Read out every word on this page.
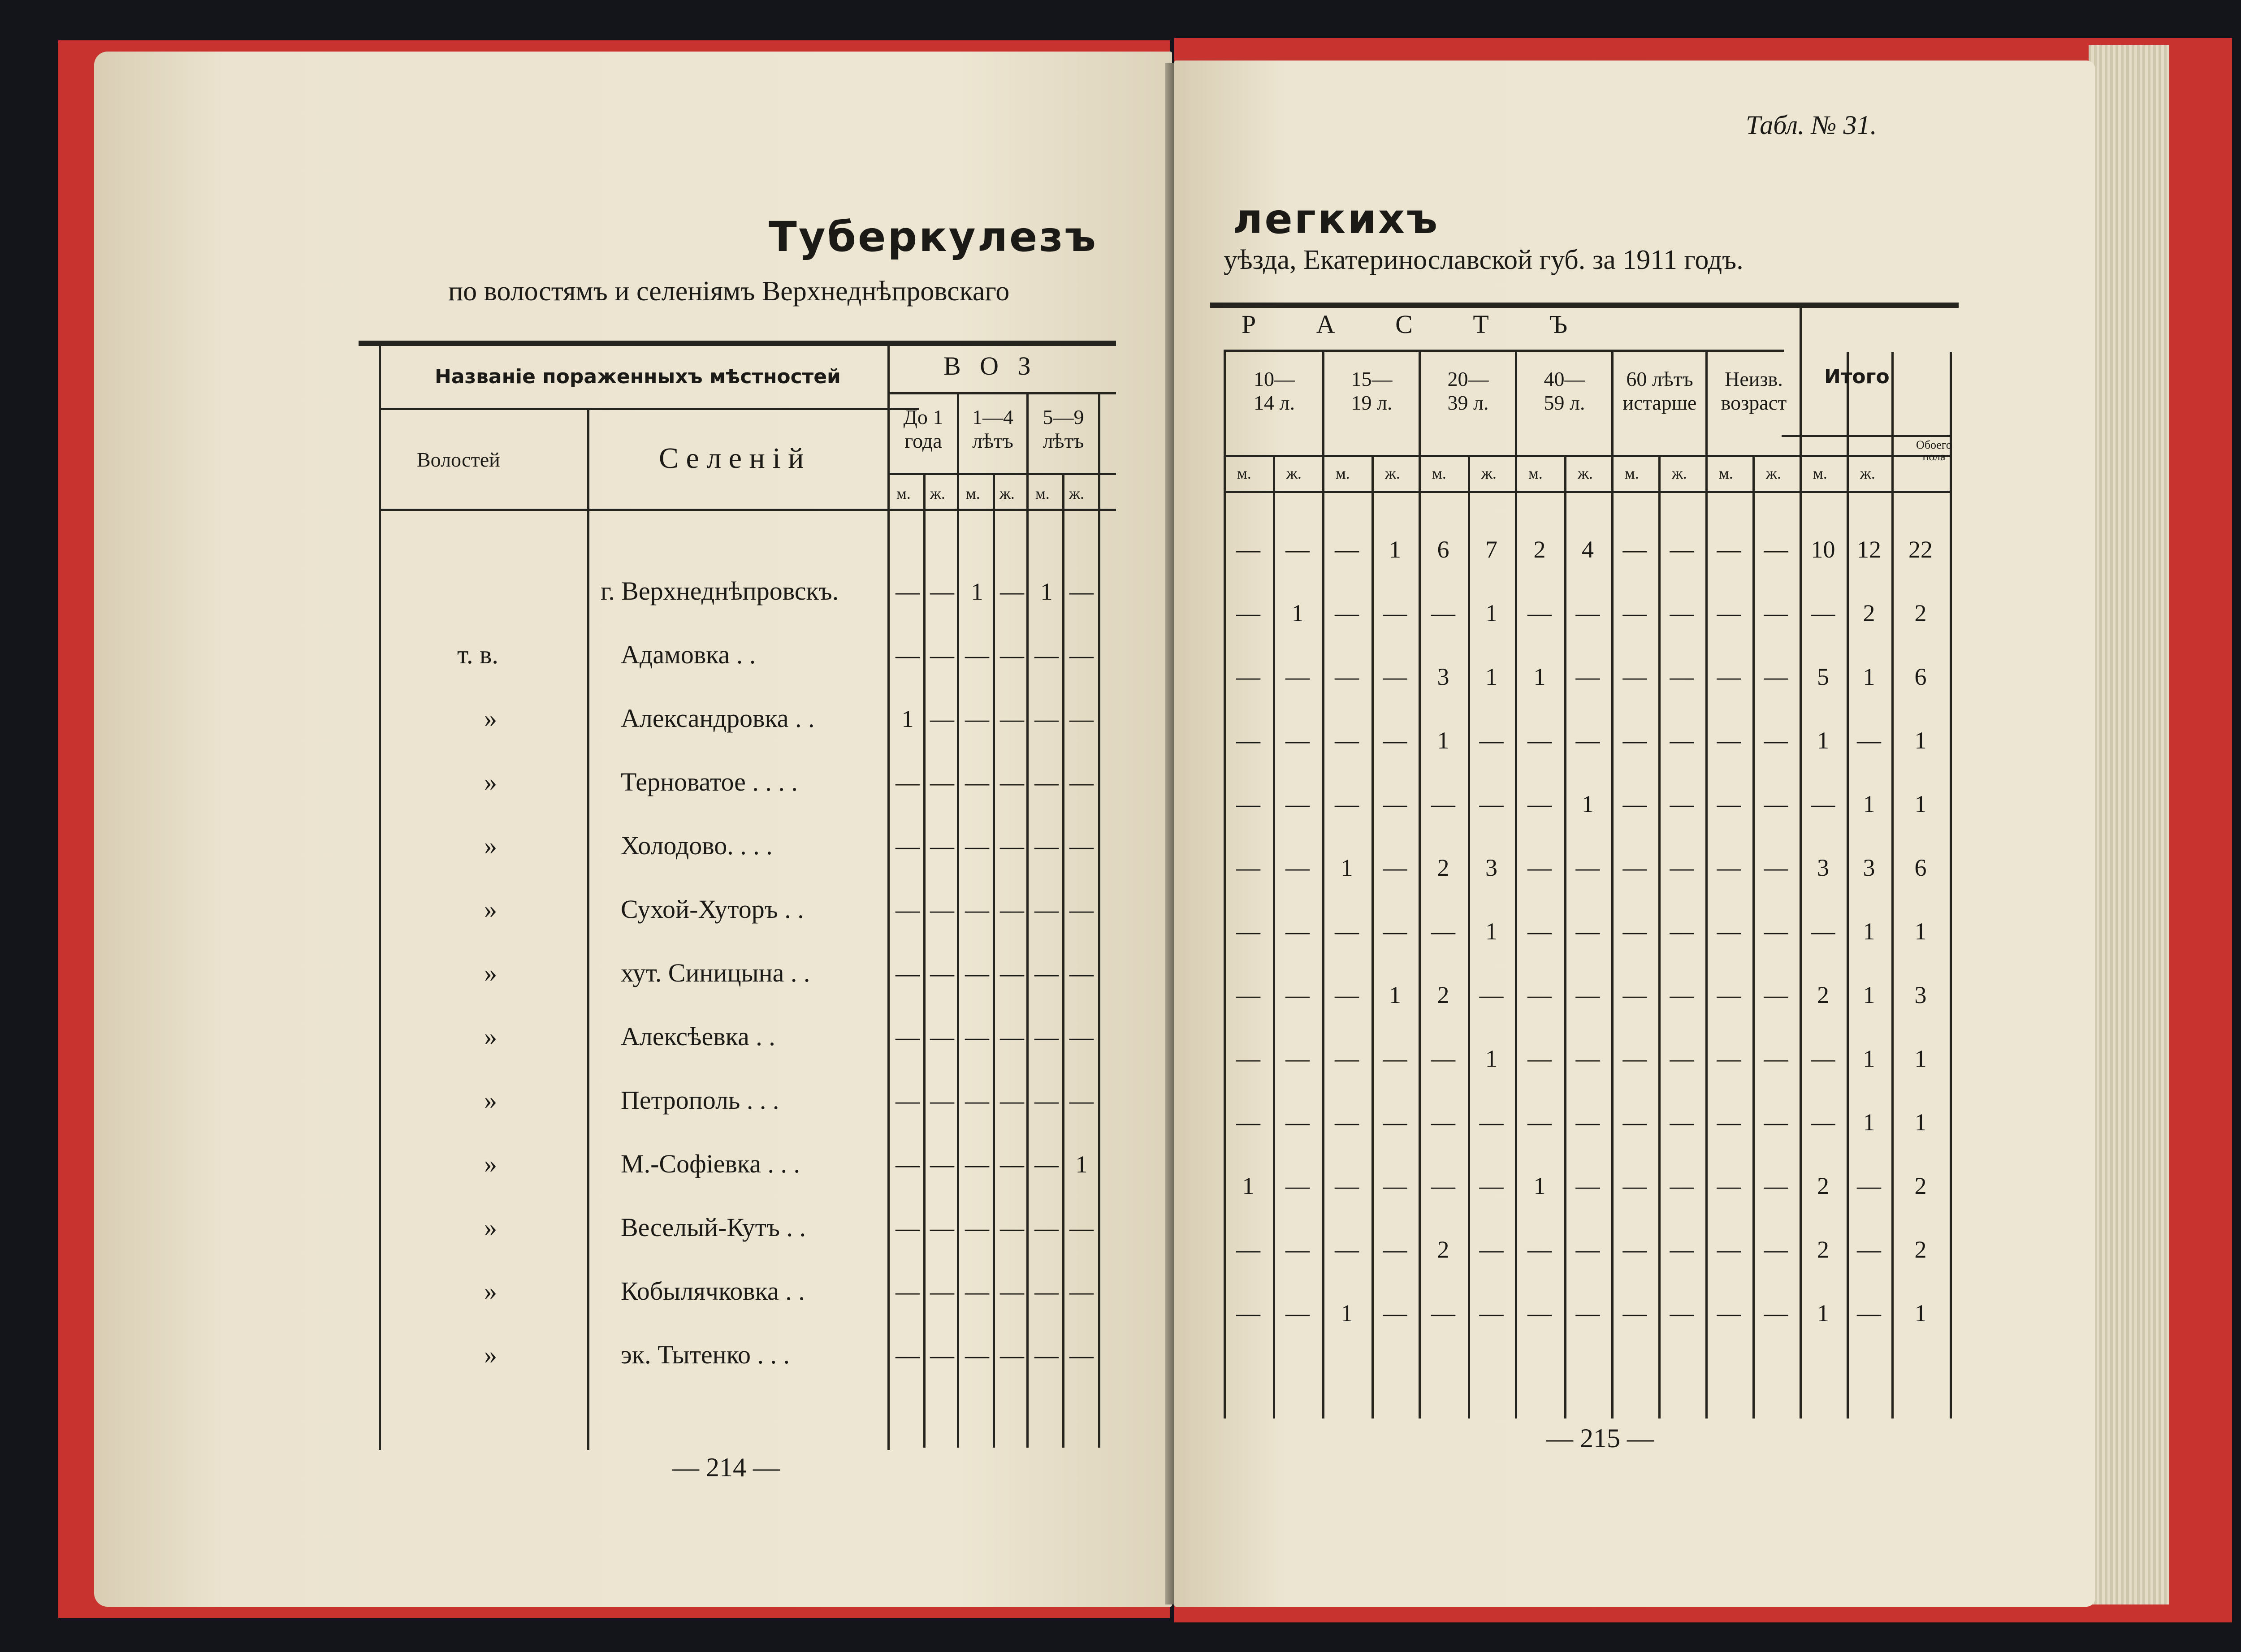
Туберкулезъ
по волостямъ и селенiямъ Верхнеднѣпровскаго
Названiе пораженныхъ мѣстностей
Волостей	С е л е н i й
В О З
До 1
года
1—4
лѣтъ
5—9
лѣтъ
м. ж. м. ж. м. ж.
г. Верхнеднѣпровскъ. — — 1 — 1 —
т. в.	Адамовка . .	— — — — — —
»	Александровка . .	1 — — — — —
»	Терноватое . . . .	— — — — — —
»	Холодово. . . .	— — — — — —
»	Сухой-Хуторъ . .	— — — — — —
»	хут. Синицына . .	— — — — — —
»	Алексѣевка . .	— — — — — —
»	Петрополь . . .	— — — — — —
»	М.-Софiевка . . .	— — — — — 1
»	Веселый-Кутъ . .	— — — — — —
»	Кобылячковка . .	— — — — — —
»	эк. Тытенко . . .	— — — — — —
— 214 —
Табл. № 31.
легкихъ
уѣзда, Екатеринославской губ. за 1911 годъ.
Р А С Т Ъ
10—
14 л.
15—
19 л.
20—
39 л.
40—
59 л.
60 лѣтъ
истарше
Неизв.
возраст
Итого
Обоего пола
м. ж. м. ж. м. ж. м. ж. м. ж. м. ж. м. ж.
— — —	1	6	7	2	4	— — — — 10 12 22
—	1	— — —	1	— — — — — — —	2	2
— — — —	3	1	1	— — — — —	5	1	6
— — — —	1	— — — — — — —	1	—	1
— — — — — — —	1	— — — — —	1	1
— —	1	—	2	3	— — — — — —	3	3	6
— — — — —	1	— — — — — — —	1	1
— — —	1	2	— — — — — — —	2	1	3
— — — — —	1	— — — — — — —	1	1
— — — — — — — — — — — — —	1	1
1	— — — — —	1	— — — — —	2	—	2
— — — —	2	— — — — — — —	2	—	2
— —	1	— — — — — — — — —	1	—	1
— 215 —
